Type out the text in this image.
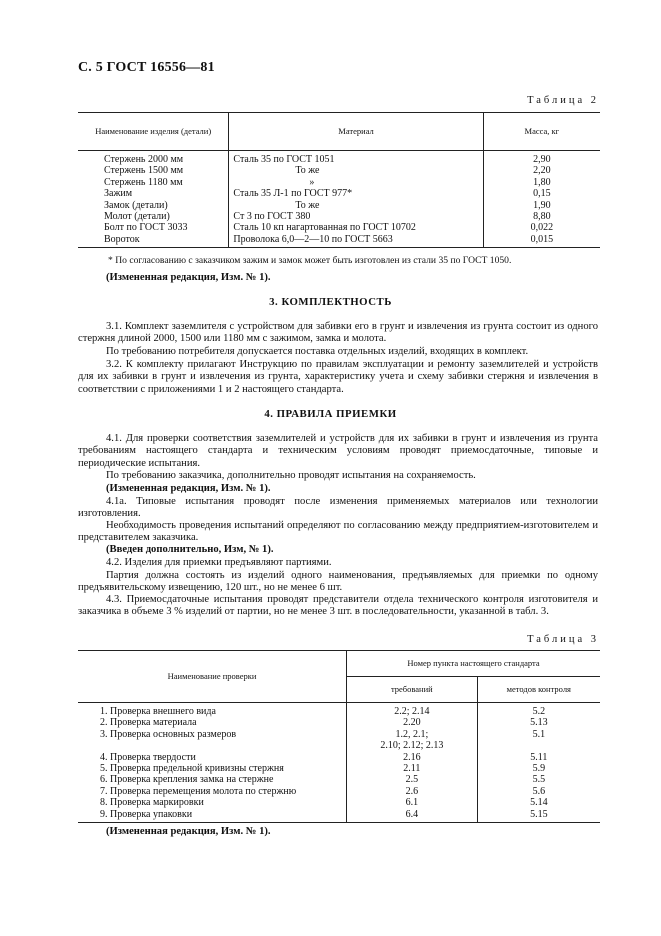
С. 5 ГОСТ 16556—81
Таблица 2
Наименование изделия (детали)	Материал	Масса, кг
Стержень 2000 мм	Сталь 35 по ГОСТ 1051	2,90
Стержень 1500 мм	То же	2,20
Стержень 1180 мм	»	1,80
Зажим	Сталь 35 Л-1 по ГОСТ 977*	0,15
Замок (детали)	То же	1,90
Молот (детали)	Ст 3 по ГОСТ 380	8,80
Болт по ГОСТ 3033	Сталь 10 кп нагартованная по ГОСТ 10702	0,022
Вороток	Проволока 6,0—2—10 по ГОСТ 5663	0,015
* По согласованию с заказчиком зажим и замок может быть изготовлен из стали 35 по ГОСТ 1050.
(Измененная редакция, Изм. № 1).
3. КОМПЛЕКТНОСТЬ
3.1. Комплект заземлителя с устройством для забивки его в грунт и извлечения из грунта состоит из одного стержня длиной 2000, 1500 или 1180 мм с зажимом, замка и молота.
По требованию потребителя допускается поставка отдельных изделий, входящих в комплект.
3.2. К комплекту прилагают Инструкцию по правилам эксплуатации и ремонту заземлителей и устройств для их забивки в грунт и извлечения из грунта, характеристику учета и схему забивки стержня и извлечения в соответствии с приложениями 1 и 2 настоящего стандарта.
4. ПРАВИЛА ПРИЕМКИ
4.1. Для проверки соответствия заземлителей и устройств для их забивки в грунт и извлечения из грунта требованиям настоящего стандарта и техническим условиям проводят приемосдаточные, типовые и периодические испытания.
По требованию заказчика, дополнительно проводят испытания на сохраняемость.
(Измененная редакция, Изм. № 1).
4.1а. Типовые испытания проводят после изменения применяемых материалов или технологии изготовления.
Необходимость проведения испытаний определяют по согласованию между предприятием-изготовителем и представителем заказчика.
(Введен дополнительно, Изм, № 1).
4.2. Изделия для приемки предъявляют партиями.
Партия должна состоять из изделий одного наименования, предъявляемых для приемки по одному предъявительскому извещению, 120 шт., но не менее 6 шт.
4.3. Приемосдаточные испытания проводят представители отдела технического контроля изготовителя и заказчика в объеме 3 % изделий от партии, но не менее 3 шт. в последовательности, указанной в табл. 3.
Таблица 3
Наименование проверки	Номер пункта настоящего стандарта	
	требований	методов контроля
1. Проверка внешнего вида	2.2; 2.14	5.2
2. Проверка материала	2.20	5.13
3. Проверка основных размеров	1.2, 2.1;	5.1
	2.10; 2.12; 2.13	
4. Проверка твердости	2.16	5.11
5. Проверка предельной кривизны стержня	2.11	5.9
6. Проверка крепления замка на стержне	2.5	5.5
7. Проверка перемещения молота по стержню	2.6	5.6
8. Проверка маркировки	6.1	5.14
9. Проверка упаковки	6.4	5.15
(Измененная редакция, Изм. № 1).
